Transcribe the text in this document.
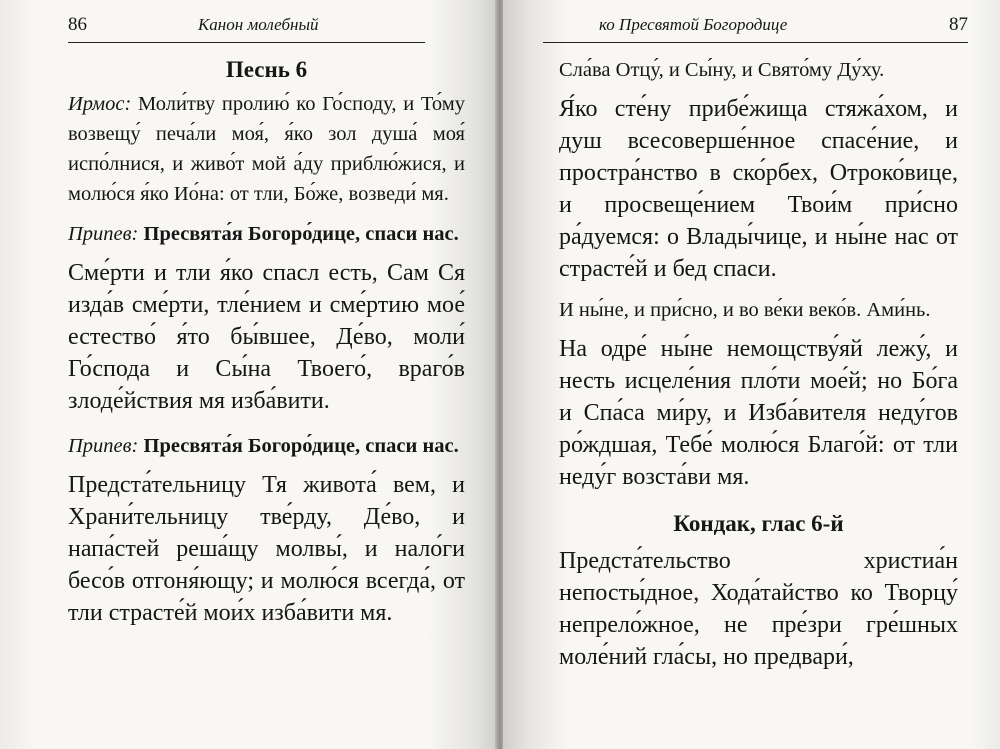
86	Канон молебный
Песнь 6

Ирмос: Моли́тву пролию́ ко Го́споду, и То́му возвещу́ печа́ли моя́, я́ко зол душа́ моя́ испо́лнися, и живо́т мой а́ду приблю́жися, и молю́ся я́ко Ио́на: от тли, Бо́же, возведи́ мя.

Припев: Пресвята́я Богоро́дице, спаси нас.

Сме́рти и тли я́ко спасл есть, Сам Ся изда́в сме́рти, тле́нием и сме́ртию мое́ естество́ я́то бы́вшее, Де́во, моли́ Го́спода и Сы́на Твоего́, враго́в злоде́йствия мя изба́вити.

Припев: Пресвята́я Богоро́дице, спаси нас.

Предста́тельницу Тя живота́ вем, и Храни́тельницу тве́рду, Де́во, и напа́стей реша́щу молвы́, и нало́ги бесо́в отгоня́ющу; и молю́ся всегда́, от тли страсте́й мои́х изба́вити мя.

ко Пресвятой Богородице	87

Сла́ва Отцу́, и Сы́ну, и Свято́му Ду́ху.

Я́ко сте́ну прибе́жища стяжа́хом, и душ всесоверше́нное спасе́ние, и простра́нство в ско́рбех, Отроко́вице, и просвеще́нием Твои́м при́сно ра́дуемся: о Влады́чице, и ны́не нас от страсте́й и бед спаси.

И ны́не, и при́сно, и во ве́ки веко́в. Ами́нь.

На одре́ ны́не немощству́яй лежу́, и несть исцеле́ния пло́ти мое́й; но Бо́га и Спа́са ми́ру, и Изба́вителя неду́гов ро́ждшая, Тебе́ молю́ся Благо́й: от тли неду́г возста́ви мя.

Кондак, глас 6-й

Предста́тельство христиа́н непосты́дное, Хода́тайство ко Творцу́ непрело́жное, не пре́зри гре́шных моле́ний гла́сы, но предвари́,
